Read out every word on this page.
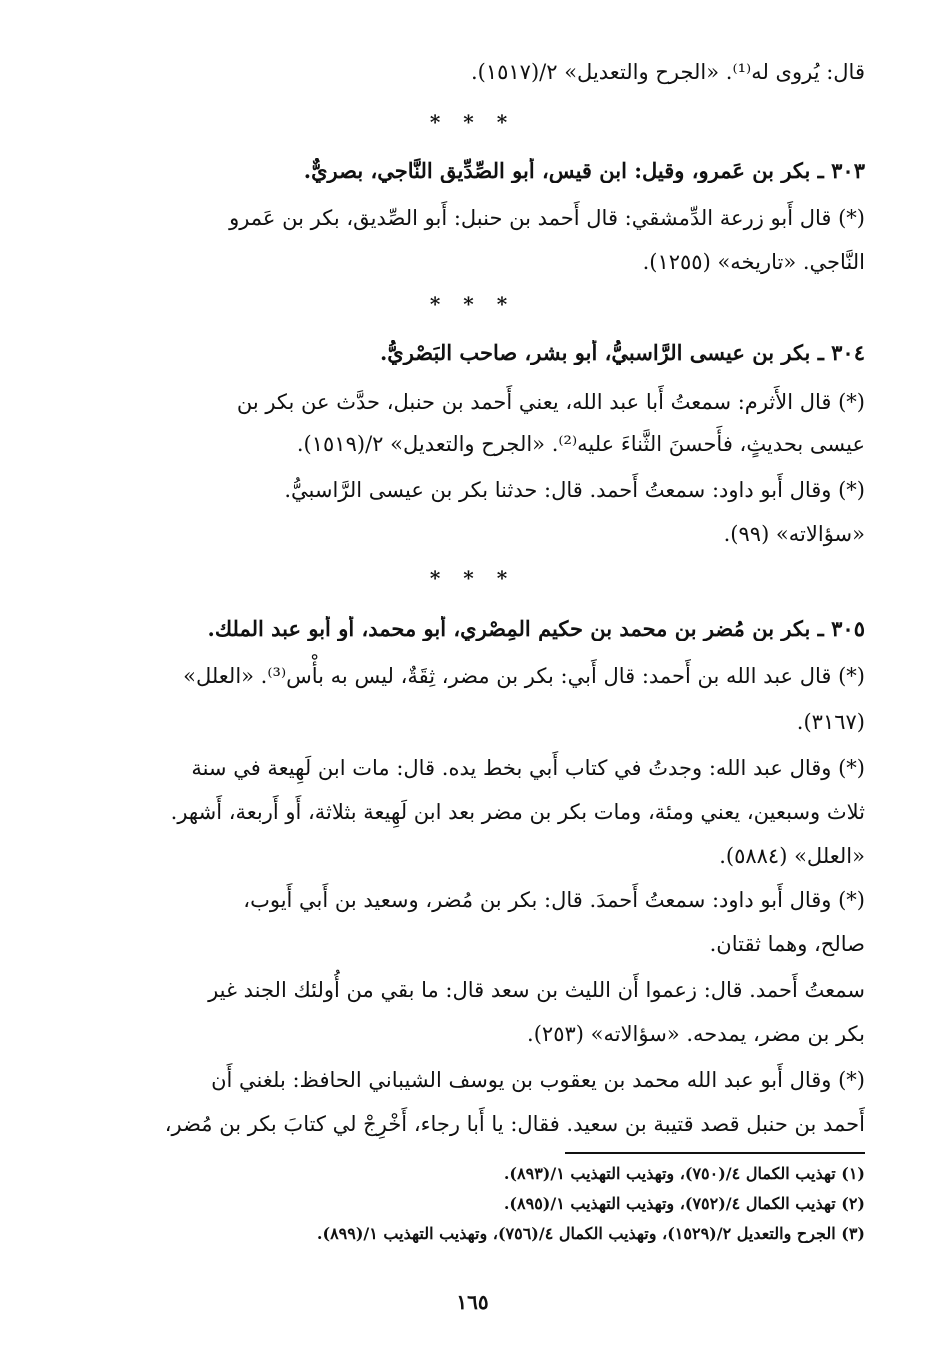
قال: يُروى له⁽¹⁾. «الجرح والتعديل» ٢/(١٥١٧).
* * *
٣٠٣ ـ بكر بن عَمرو، وقيل: ابن قيس، أَبو الصِّدِّيق النَّاجي، بصريٌّ.
(*) قال أَبو زرعة الدِّمشقي: قال أَحمد بن حنبل: أَبو الصِّديق، بكر بن عَمرو
النَّاجي. «تاريخه» (١٢٥٥).
* * *
٣٠٤ ـ بكر بن عيسى الرَّاسبيُّ، أَبو بشر، صاحب البَصْريُّ.
(*) قال الأَثرم: سمعتُ أَبا عبد الله، يعني أَحمد بن حنبل، حدَّث عن بكر بن
عيسى بحديثٍ، فأَحسنَ الثَّناءَ عليه⁽²⁾. «الجرح والتعديل» ٢/(١٥١٩).
(*) وقال أَبو داود: سمعتُ أَحمد. قال: حدثنا بكر بن عيسى الرَّاسبيُّ.
«سؤالاته» (٩٩).
* * *
٣٠٥ ـ بكر بن مُضر بن محمد بن حكيم المِصْري، أَبو محمد، أَو أَبو عبد الملك.
(*) قال عبد الله بن أَحمد: قال أَبي: بكر بن مضر، ثِقَةٌ، ليس به بأْس⁽³⁾. «العلل»
(٣١٦٧).
(*) وقال عبد الله: وجدتُ في كتاب أَبي بخط يده. قال: مات ابن لَهِيعة في سنة
ثلاث وسبعين، يعني ومئة، ومات بكر بن مضر بعد ابن لَهِيعة بثلاثة، أَو أَربعة، أَشهر.
«العلل» (٥٨٨٤).
(*) وقال أَبو داود: سمعتُ أَحمدَ. قال: بكر بن مُضر، وسعيد بن أَبي أَيوب،
صالح، وهما ثقتان.
سمعتُ أَحمد. قال: زعموا أَن الليث بن سعد قال: ما بقي من أُولئك الجند غير
بكر بن مضر، يمدحه. «سؤالاته» (٢٥٣).
(*) وقال أَبو عبد الله محمد بن يعقوب بن يوسف الشيباني الحافظ: بلغني أَن
أَحمد بن حنبل قصد قتيبة بن سعيد. فقال: يا أَبا رجاء، أَخْرِجْ لي كتابَ بكر بن مُضر،
(١) تهذيب الكمال ٤/(٧٥٠)، وتهذيب التهذيب ١/(٨٩٣).
(٢) تهذيب الكمال ٤/(٧٥٢)، وتهذيب التهذيب ١/(٨٩٥).
(٣) الجرح والتعديل ٢/(١٥٢٩)، وتهذيب الكمال ٤/(٧٥٦)، وتهذيب التهذيب ١/(٨٩٩).
١٦٥
